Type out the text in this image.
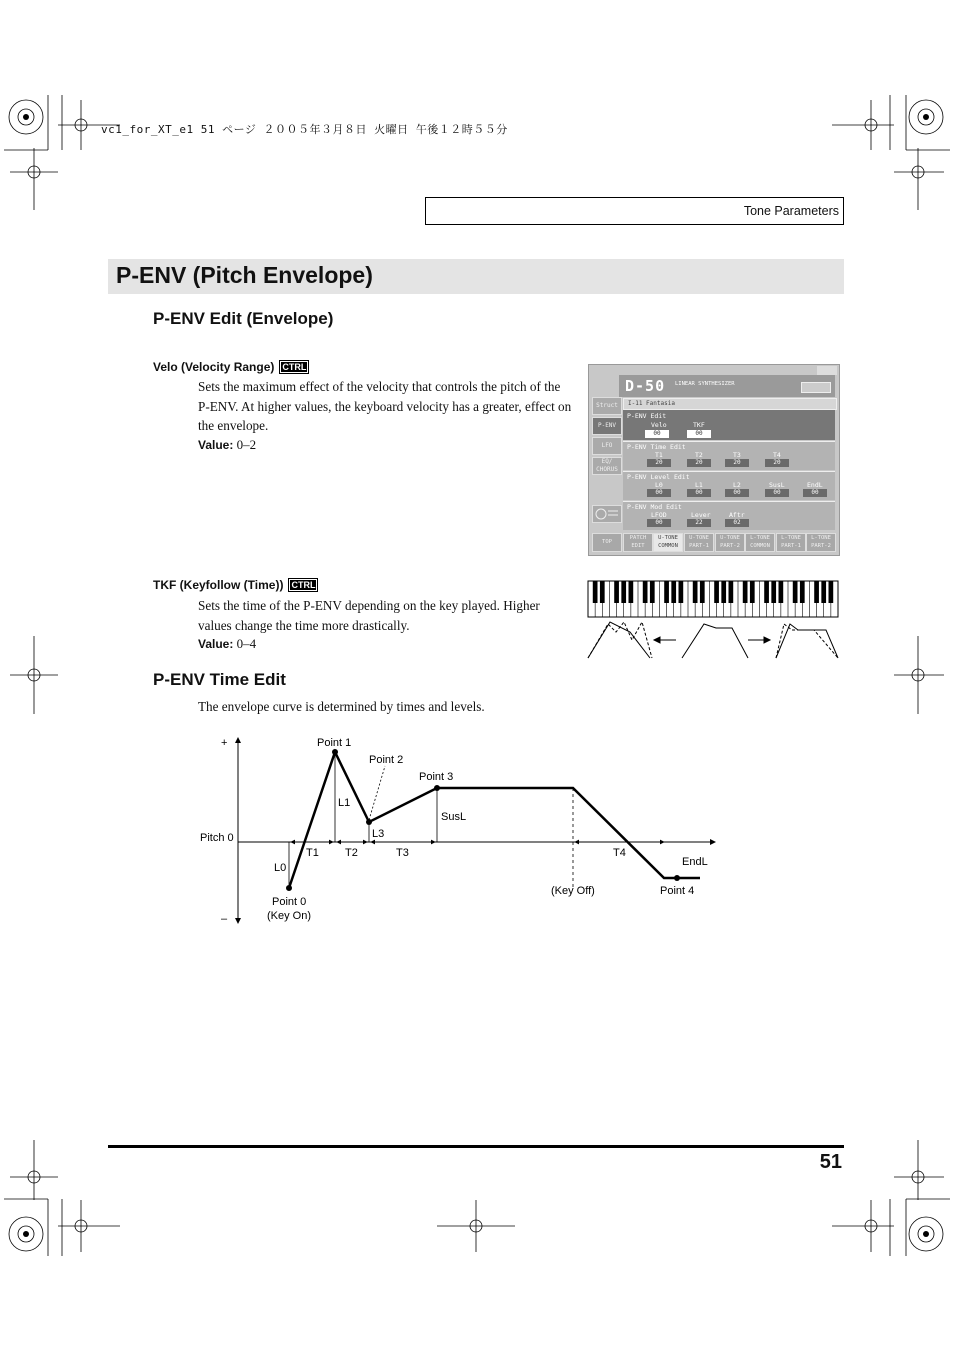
vc1_for_XT_e1 51 ページ ２００５年３月８日 火曜日 午後１２時５５分
Tone Parameters
P-ENV (Pitch Envelope)
P-ENV Edit (Envelope)
Velo (Velocity Range) CTRL
Sets the maximum effect of the velocity that controls the pitch of the P-ENV. At higher values, the keyboard velocity has a greater, effect on the envelope.
Value: 0–2
D-50 LINEAR SYNTHESIZER
I-11 Fantasia
Struct
P-ENV
LFO
EQ/ CHORUS
P-ENV Edit
Velo	TKF
00	00
P-ENV Time Edit
T1	T2	T3	T4
20	20	20	20
P-ENV Level Edit
L0	L1	L2	SusL	EndL
00	00	00	00	00
P-ENV Mod Edit
LFOD	Lever	Aftr
00	22	02
TOP
PATCH EDIT
U-TONE COMMON
U-TONE PART-1
U-TONE PART-2
L-TONE COMMON
L-TONE PART-1
L-TONE PART-2
TKF (Keyfollow (Time)) CTRL
Sets the time of the P-ENV depending on the key played. Higher values change the time more drastically.
Value: 0–4
P-ENV Time Edit
The envelope curve is determined by times and levels.
+
–
Pitch 0
Point 0
(Key On)
Point 1
Point 2
Point 3
Point 4
(Key Off)
L0
L1
L3
SusL
EndL
T1 T2	T3	T4
51
